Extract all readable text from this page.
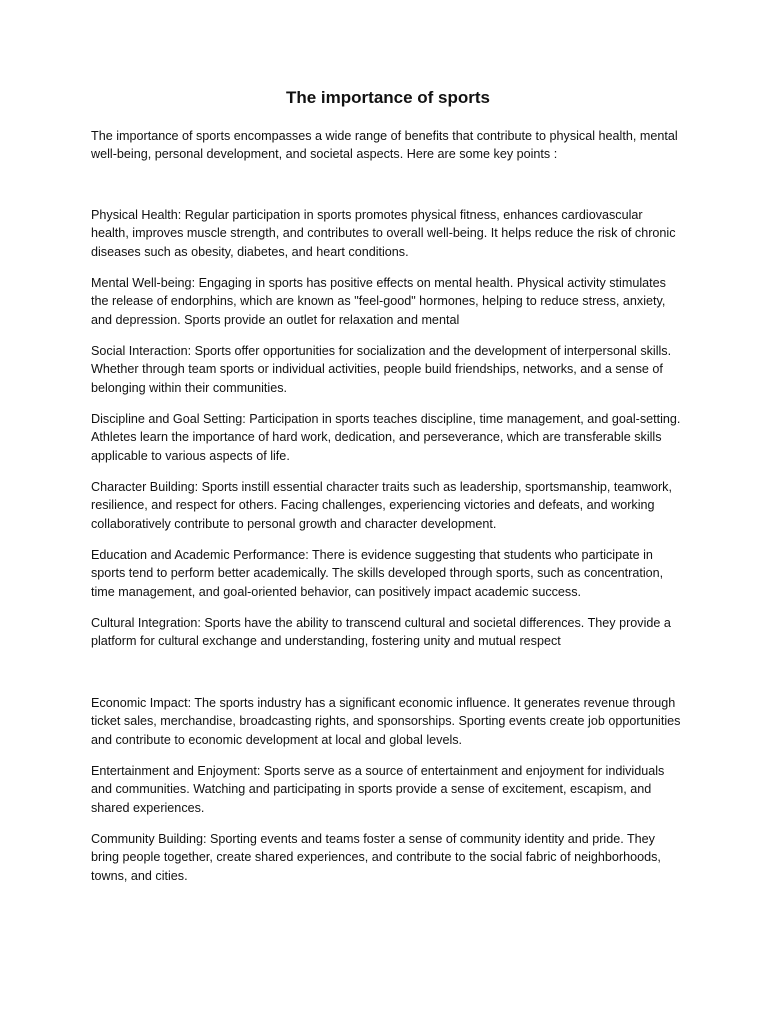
The importance of sports

The importance of sports encompasses a wide range of benefits that contribute to physical health, mental well-being, personal development, and societal aspects. Here are some key points :

Physical Health: Regular participation in sports promotes physical fitness, enhances cardiovascular health, improves muscle strength, and contributes to overall well-being. It helps reduce the risk of chronic diseases such as obesity, diabetes, and heart conditions.

Mental Well-being: Engaging in sports has positive effects on mental health. Physical activity stimulates the release of endorphins, which are known as "feel-good" hormones, helping to reduce stress, anxiety, and depression. Sports provide an outlet for relaxation and mental

Social Interaction: Sports offer opportunities for socialization and the development of interpersonal skills. Whether through team sports or individual activities, people build friendships, networks, and a sense of belonging within their communities.

Discipline and Goal Setting: Participation in sports teaches discipline, time management, and goal-setting. Athletes learn the importance of hard work, dedication, and perseverance, which are transferable skills applicable to various aspects of life.

Character Building: Sports instill essential character traits such as leadership, sportsmanship, teamwork, resilience, and respect for others. Facing challenges, experiencing victories and defeats, and working collaboratively contribute to personal growth and character development.

Education and Academic Performance: There is evidence suggesting that students who participate in sports tend to perform better academically. The skills developed through sports, such as concentration, time management, and goal-oriented behavior, can positively impact academic success.

Cultural Integration: Sports have the ability to transcend cultural and societal differences. They provide a platform for cultural exchange and understanding, fostering unity and mutual respect

Economic Impact: The sports industry has a significant economic influence. It generates revenue through ticket sales, merchandise, broadcasting rights, and sponsorships. Sporting events create job opportunities and contribute to economic development at local and global levels.

Entertainment and Enjoyment: Sports serve as a source of entertainment and enjoyment for individuals and communities. Watching and participating in sports provide a sense of excitement, escapism, and shared experiences.

Community Building: Sporting events and teams foster a sense of community identity and pride. They bring people together, create shared experiences, and contribute to the social fabric of neighborhoods, towns, and cities.
